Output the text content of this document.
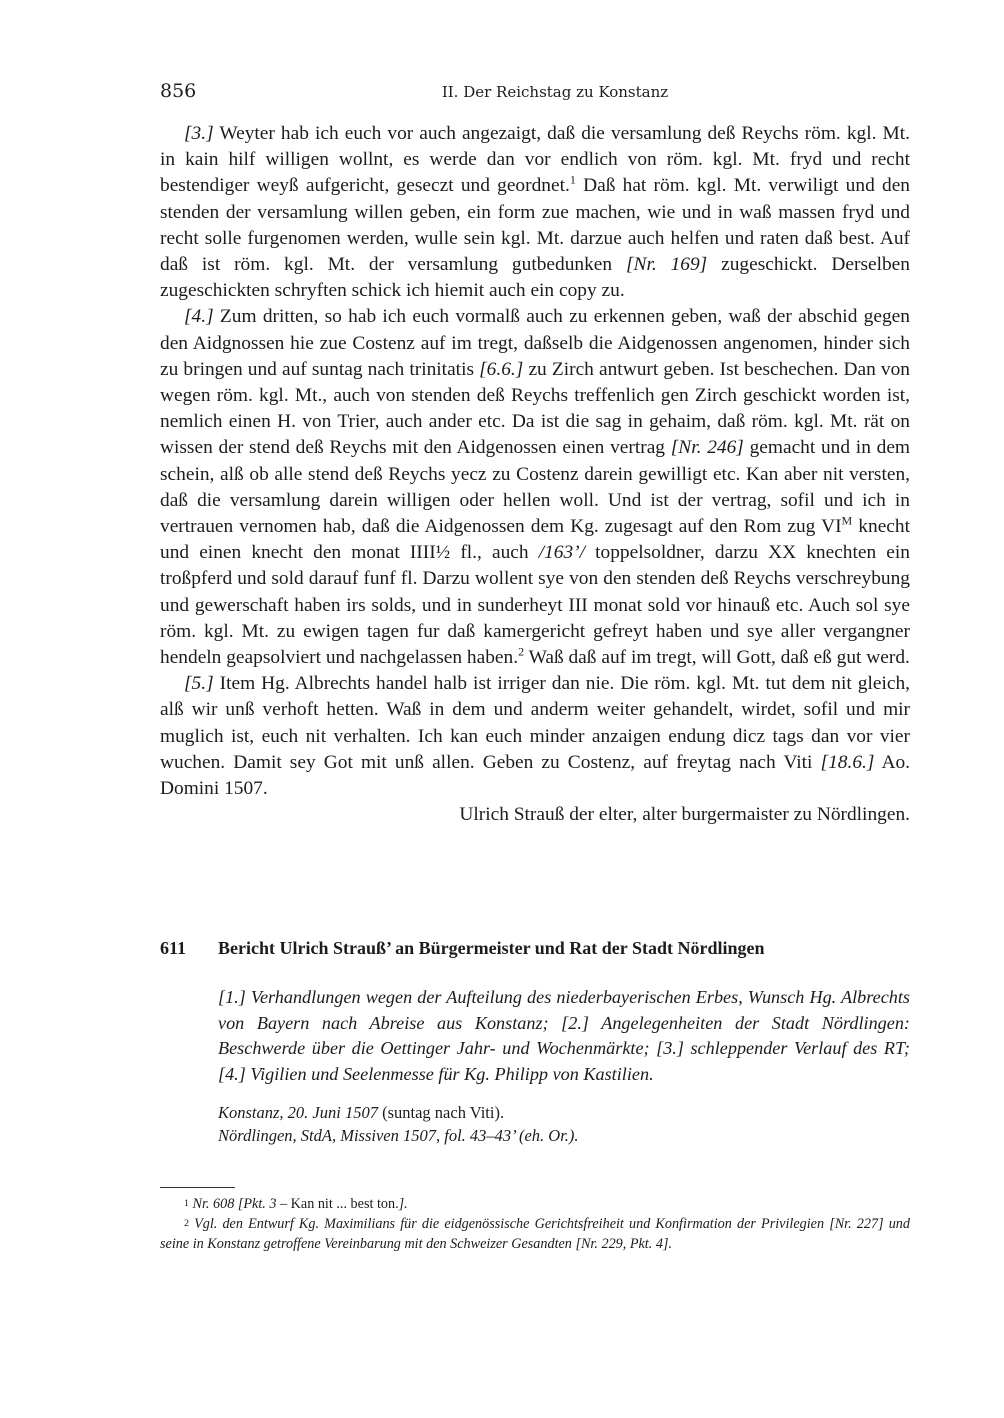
856	II. Der Reichstag zu Konstanz

[3.] Weyter hab ich euch vor auch angezaigt, daß die versamlung deß Reychs röm. kgl. Mt. in kain hilf willigen wollnt, es werde dan vor endlich von röm. kgl. Mt. fryd und recht bestendiger weyß aufgericht, geseczt und geordnet.$^1$ Daß hat röm. kgl. Mt. verwiligt und den stenden der versamlung willen geben, ein form zue machen, wie und in waß massen fryd und recht solle furgenomen werden, wulle sein kgl. Mt. darzue auch helfen und raten daß best. Auf daß ist röm. kgl. Mt. der versamlung gutbedunken [Nr. 169] zugeschickt. Derselben zugeschickten schryften schick ich hiemit auch ein copy zu.

[4.] Zum dritten, so hab ich euch vormalß auch zu erkennen geben, waß der abschid gegen den Aidgnossen hie zue Costenz auf im tregt, daßselb die Aidgenossen angenomen, hinder sich zu bringen und auf suntag nach trinitatis [6.6.] zu Zirch antwurt geben. Ist beschechen. Dan von wegen röm. kgl. Mt., auch von stenden deß Reychs treffenlich gen Zirch geschickt worden ist, nemlich einen H. von Trier, auch ander etc. Da ist die sag in gehaim, daß röm. kgl. Mt. rät on wissen der stend deß Reychs mit den Aidgenossen einen vertrag [Nr. 246] gemacht und in dem schein, alß ob alle stend deß Reychs yecz zu Costenz darein gewilligt etc. Kan aber nit versten, daß die versamlung darein willigen oder hellen woll. Und ist der vertrag, sofil und ich in vertrauen vernomen hab, daß die Aidgenossen dem Kg. zugesagt auf den Rom zug $VI^M$ knecht und einen knecht den monat IIII½ fl., auch /163’/ toppelsoldner, darzu XX knechten ein troßpferd und sold darauf funf fl. Darzu wollent sye von den stenden deß Reychs verschreybung und gewerschaft haben irs solds, und in sunderheyt III monat sold vor hinauß etc. Auch sol sye röm. kgl. Mt. zu ewigen tagen fur daß kamergericht gefreyt haben und sye aller vergangner hendeln geapsolviert und nachgelassen haben.$^2$ Waß daß auf im tregt, will Gott, daß eß gut werd.

[5.] Item Hg. Albrechts handel halb ist irriger dan nie. Die röm. kgl. Mt. tut dem nit gleich, alß wir unß verhoft hetten. Waß in dem und anderm weiter gehandelt, wirdet, sofil und mir muglich ist, euch nit verhalten. Ich kan euch minder anzaigen endung dicz tags dan vor vier wuchen. Damit sey Got mit unß allen. Geben zu Costenz, auf freytag nach Viti [18.6.] Ao. Domini 1507.

Ulrich Strauß der elter, alter burgermaister zu Nördlingen.

611 Bericht Ulrich Strauß’ an Bürgermeister und Rat der Stadt Nördlingen
[1.] Verhandlungen wegen der Aufteilung des niederbayerischen Erbes, Wunsch Hg. Albrechts von Bayern nach Abreise aus Konstanz; [2.] Angelegenheiten der Stadt Nördlingen: Beschwerde über die Oettinger Jahr- und Wochenmärkte; [3.] schleppender Verlauf des RT; [4.] Vigilien und Seelenmesse für Kg. Philipp von Kastilien.
Konstanz, 20. Juni 1507 (suntag nach Viti).
Nördlingen, StdA, Missiven 1507, fol. 43–43’ (eh. Or.).

1 Nr. 608 [Pkt. 3 – Kan nit ... best ton.].

2 Vgl. den Entwurf Kg. Maximilians für die eidgenössische Gerichtsfreiheit und Konfirmation der Privilegien [Nr. 227] und seine in Konstanz getroffene Vereinbarung mit den Schweizer Gesandten [Nr. 229, Pkt. 4].
